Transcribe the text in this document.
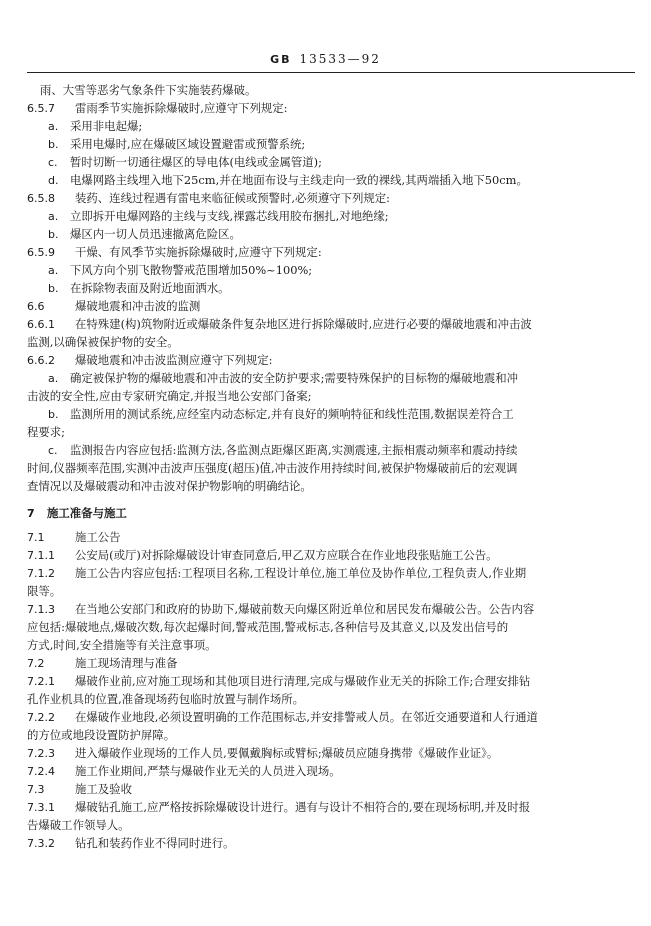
GB 13533—92
雨、大雪等恶劣气象条件下实施装药爆破。
6.5.7 雷雨季节实施拆除爆破时,应遵守下列规定:
a. 采用非电起爆;
b. 采用电爆时,应在爆破区域设置避雷或预警系统;
c. 暂时切断一切通往爆区的导电体(电线或金属管道);
d. 电爆网路主线埋入地下25cm,并在地面布设与主线走向一致的裸线,其两端插入地下50cm。
6.5.8 装药、连线过程遇有雷电来临征候或预警时,必须遵守下列规定:
a. 立即拆开电爆网路的主线与支线,裸露芯线用胶布捆扎,对地绝缘;
b. 爆区内一切人员迅速撤离危险区。
6.5.9 干燥、有风季节实施拆除爆破时,应遵守下列规定:
a. 下风方向个别飞散物警戒范围增加50%~100%;
b. 在拆除物表面及附近地面洒水。
6.6	爆破地震和冲击波的监测
6.6.1 在特殊建(构)筑物附近或爆破条件复杂地区进行拆除爆破时,应进行必要的爆破地震和冲击波
监测,以确保被保护物的安全。
6.6.2 爆破地震和冲击波监测应遵守下列规定:
a. 确定被保护物的爆破地震和冲击波的安全防护要求;需要特殊保护的目标物的爆破地震和冲
击波的安全性,应由专家研究确定,并报当地公安部门备案;
b. 监测所用的测试系统,应经室内动态标定,并有良好的频响特征和线性范围,数据误差符合工
程要求;
c. 监测报告内容应包括:监测方法,各监测点距爆区距离,实测震速,主振相震动频率和震动持续
时间,仪器频率范围,实测冲击波声压强度(超压)值,冲击波作用持续时间,被保护物爆破前后的宏观调
查情况以及爆破震动和冲击波对保护物影响的明确结论。
7 施工准备与施工
7.1	施工公告
7.1.1 公安局(或厅)对拆除爆破设计审查同意后,甲乙双方应联合在作业地段张贴施工公告。
7.1.2 施工公告内容应包括:工程项目名称,工程设计单位,施工单位及协作单位,工程负责人,作业期
限等。
7.1.3 在当地公安部门和政府的协助下,爆破前数天向爆区附近单位和居民发布爆破公告。公告内容
应包括:爆破地点,爆破次数,每次起爆时间,警戒范围,警戒标志,各种信号及其意义,以及发出信号的
方式,时间,安全措施等有关注意事项。
7.2	施工现场清理与准备
7.2.1 爆破作业前,应对施工现场和其他项目进行清理,完成与爆破作业无关的拆除工作;合理安排钻
孔作业机具的位置,准备现场药包临时放置与制作场所。
7.2.2 在爆破作业地段,必须设置明确的工作范围标志,并安排警戒人员。在邻近交通要道和人行通道
的方位或地段设置防护屏障。
7.2.3 进入爆破作业现场的工作人员,要佩戴胸标或臂标;爆破员应随身携带《爆破作业证》。
7.2.4 施工作业期间,严禁与爆破作业无关的人员进入现场。
7.3	施工及验收
7.3.1 爆破钻孔施工,应严格按拆除爆破设计进行。遇有与设计不相符合的,要在现场标明,并及时报
告爆破工作领导人。
7.3.2 钻孔和装药作业不得同时进行。
